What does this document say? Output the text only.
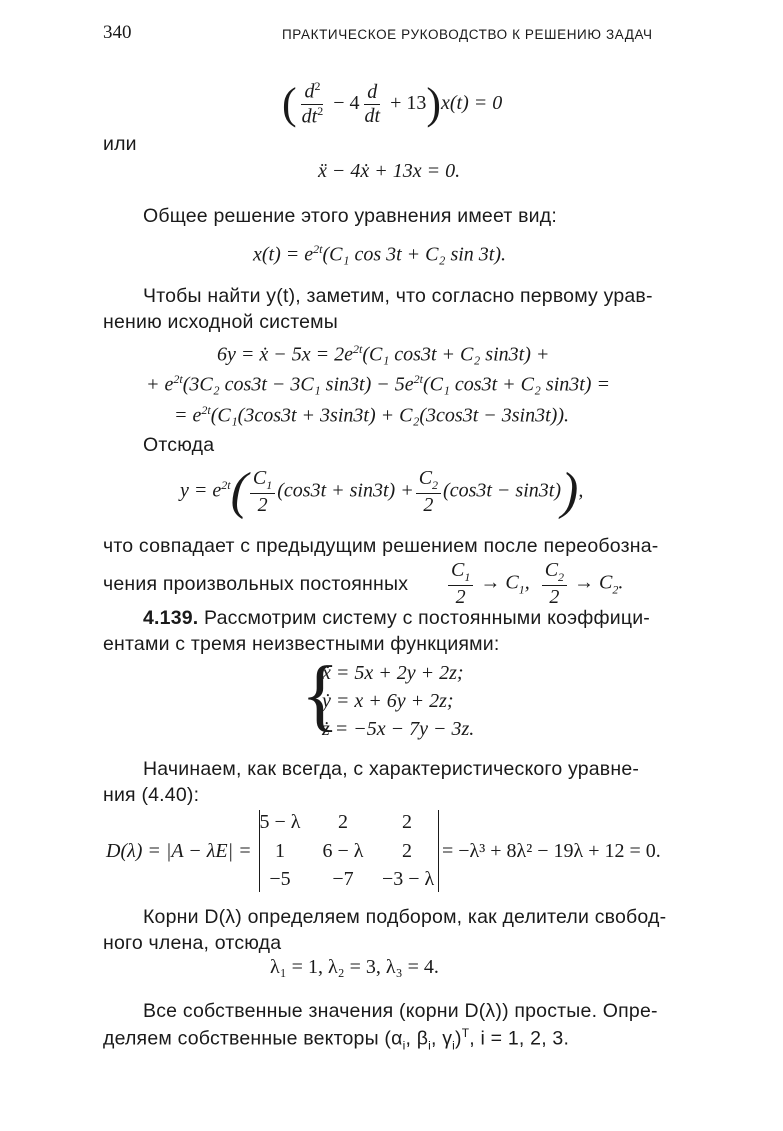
340	ПРАКТИЧЕСКОЕ РУКОВОДСТВО К РЕШЕНИЮ ЗАДАЧ
( $\frac{d^2}{dt^2} - 4 \frac{d}{dt} + 13)x(t) = 0$
или
ẍ − 4ẋ + 13x = 0.
Общее решение этого уравнения имеет вид:
$x(t) = e^{2t}(C_1$ cos 3t + C₂ sin 3t).
Чтобы найти y(t), заметим, что согласно первому урав-
нению исходной системы
6y = ẋ − $5x = 2e^{2t}(C_1$ cos3t + C₂ sin3t) +
+ $e^{2t}(3C_2$ cos3t − 3C₁ $\sin 3t) - 5e^{2t}(C_1$ cos3t + C₂ sin3t) =
= $e^{2t}(C_1(3\cos 3t + 3\sin 3t) + C_2(3\cos 3t - 3\sin 3t))$.
Отсюда
$y = e^{2t}( \frac{C_1}{2} (\cos 3t + \sin 3t) + \frac{C_2}{2} (\cos 3t - \sin 3t))$,
что совпадает с предыдущим решением после переобозна-
чения произвольных постоянных $\frac{C_1}{2} \to C_1$, $\frac{C_2}{2} \to C_2$.
4.139. Рассмотрим систему с постоянными коэффици-
ентами с тремя неизвестными функциями:
{
ẋ = 5x + 2y + 2z;
ẏ = x + 6y + 2z;
ż = −5x − 7y − 3z.
Начинаем, как всегда, с характеристического уравне-
ния (4.40):
D(λ) = |A − λE| =
5 − λ	2	2
1	6 − λ	2
−5	−7	−3 − λ
= −λ³ + 8λ² − 19λ + 12 = 0.
Корни D(λ) определяем подбором, как делители свобод-
ного члена, отсюда
λ₁ = 1, λ₂ = 3, λ₃ = 4.
Все собственные значения (корни D(λ)) простые. Опре-
деляем собственные векторы ($\alpha_i$, $\beta_i$, $\gamma_i)^T$, i = 1, 2, 3.
